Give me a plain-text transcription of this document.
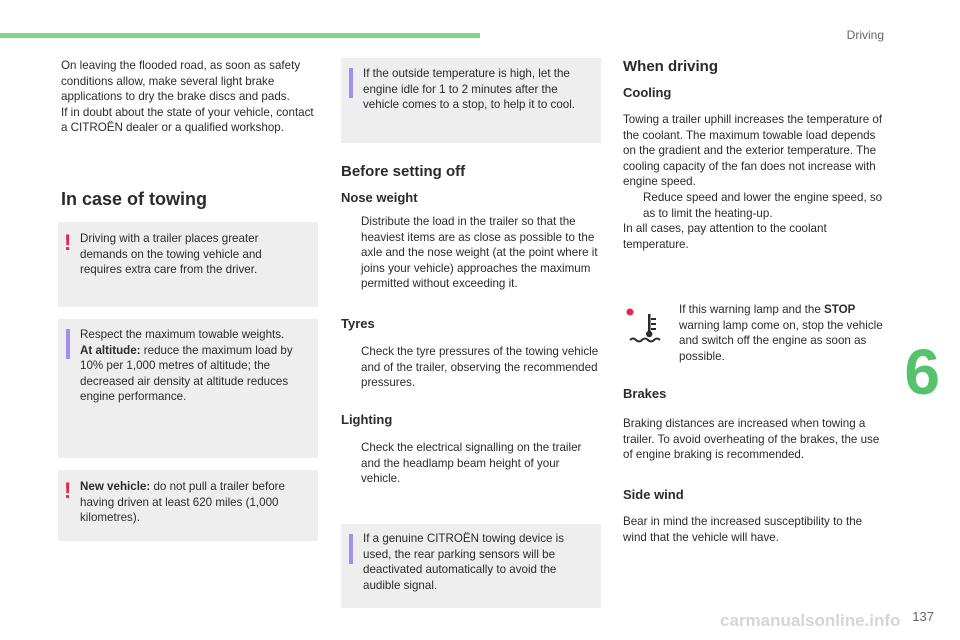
Driving
6
137
carmanualsonline.info

On leaving the flooded road, as soon as safety conditions allow, make several light brake applications to dry the brake discs and pads.

If in doubt about the state of your vehicle, contact a CITROËN dealer or a qualified workshop.

In case of towing
! Driving with a trailer places greater demands on the towing vehicle and requires extra care from the driver.

Respect the maximum towable weights.
At altitude: reduce the maximum load by 10% per 1,000 metres of altitude; the decreased air density at altitude reduces engine performance.

! New vehicle: do not pull a trailer before having driven at least 620 miles (1,000 kilometres).

If the outside temperature is high, let the engine idle for 1 to 2 minutes after the vehicle comes to a stop, to help it to cool.

Before setting off
Nose weight

Distribute the load in the trailer so that the heaviest items are as close as possible to the axle and the nose weight (at the point where it joins your vehicle) approaches the maximum permitted without exceeding it.

Tyres

Check the tyre pressures of the towing vehicle and of the trailer, observing the recommended pressures.

Lighting

Check the electrical signalling on the trailer and the headlamp beam height of your vehicle.

If a genuine CITROËN towing device is used, the rear parking sensors will be deactivated automatically to avoid the audible signal.

When driving
Cooling

Towing a trailer uphill increases the temperature of the coolant. The maximum towable load depends on the gradient and the exterior temperature. The cooling capacity of the fan does not increase with engine speed.

Reduce speed and lower the engine speed, so as to limit the heating-up.

In all cases, pay attention to the coolant temperature.

If this warning lamp and the STOP warning lamp come on, stop the vehicle and switch off the engine as soon as possible.

Brakes

Braking distances are increased when towing a trailer. To avoid overheating of the brakes, the use of engine braking is recommended.

Side wind

Bear in mind the increased susceptibility to the wind that the vehicle will have.
